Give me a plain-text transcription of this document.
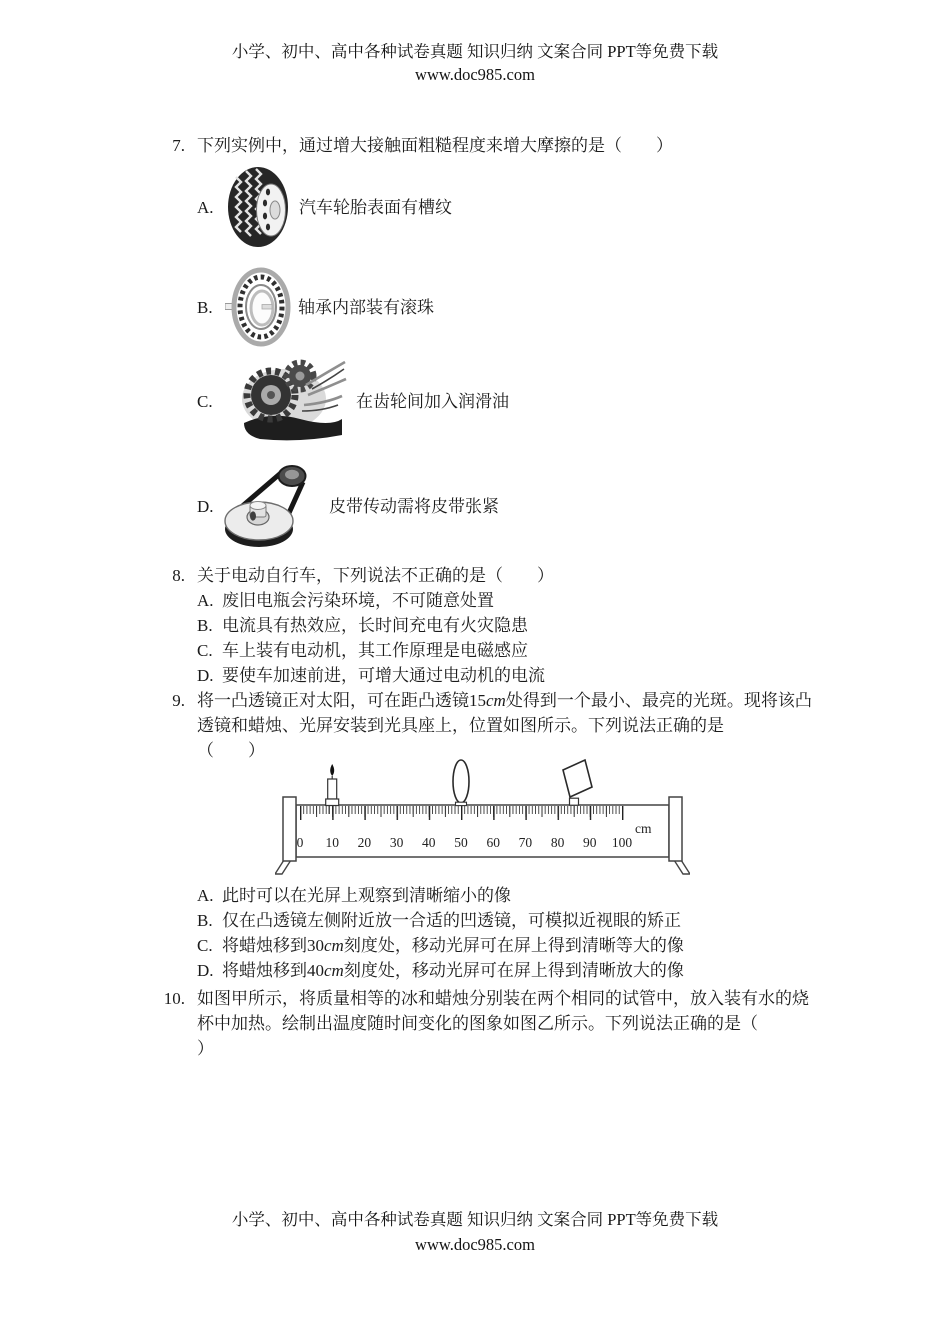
小学、初中、高中各种试卷真题 知识归纳 文案合同 PPT等免费下载
www.doc985.com
7. 下列实例中，通过增大接触面粗糙程度来增大摩擦的是（　　）
A.	汽车轮胎表面有槽纹
B.	轴承内部装有滚珠
C.	在齿轮间加入润滑油
D.	皮带传动需将皮带张紧
8. 关于电动自行车，下列说法不正确的是（　　）
A. 废旧电瓶会污染环境，不可随意处置
B. 电流具有热效应，长时间充电有火灾隐患
C. 车上装有电动机，其工作原理是电磁感应
D. 要使车加速前进，可增大通过电动机的电流
9. 将一凸透镜正对太阳，可在距凸透镜15cm处得到一个最小、最亮的光斑。现将该凸透镜和蜡烛、光屏安装到光具座上，位置如图所示。下列说法正确的是
（　　）
0 10 20 30 40 50 60 70 80 90 100
cm
A. 此时可以在光屏上观察到清晰缩小的像
B. 仅在凸透镜左侧附近放一合适的凹透镜，可模拟近视眼的矫正
C. 将蜡烛移到30cm刻度处，移动光屏可在屏上得到清晰等大的像
D. 将蜡烛移到40cm刻度处，移动光屏可在屏上得到清晰放大的像
10. 如图甲所示，将质量相等的冰和蜡烛分别装在两个相同的试管中，放入装有水的烧杯中加热。绘制出温度随时间变化的图象如图乙所示。下列说法正确的是（
）
小学、初中、高中各种试卷真题 知识归纳 文案合同 PPT等免费下载
www.doc985.com
